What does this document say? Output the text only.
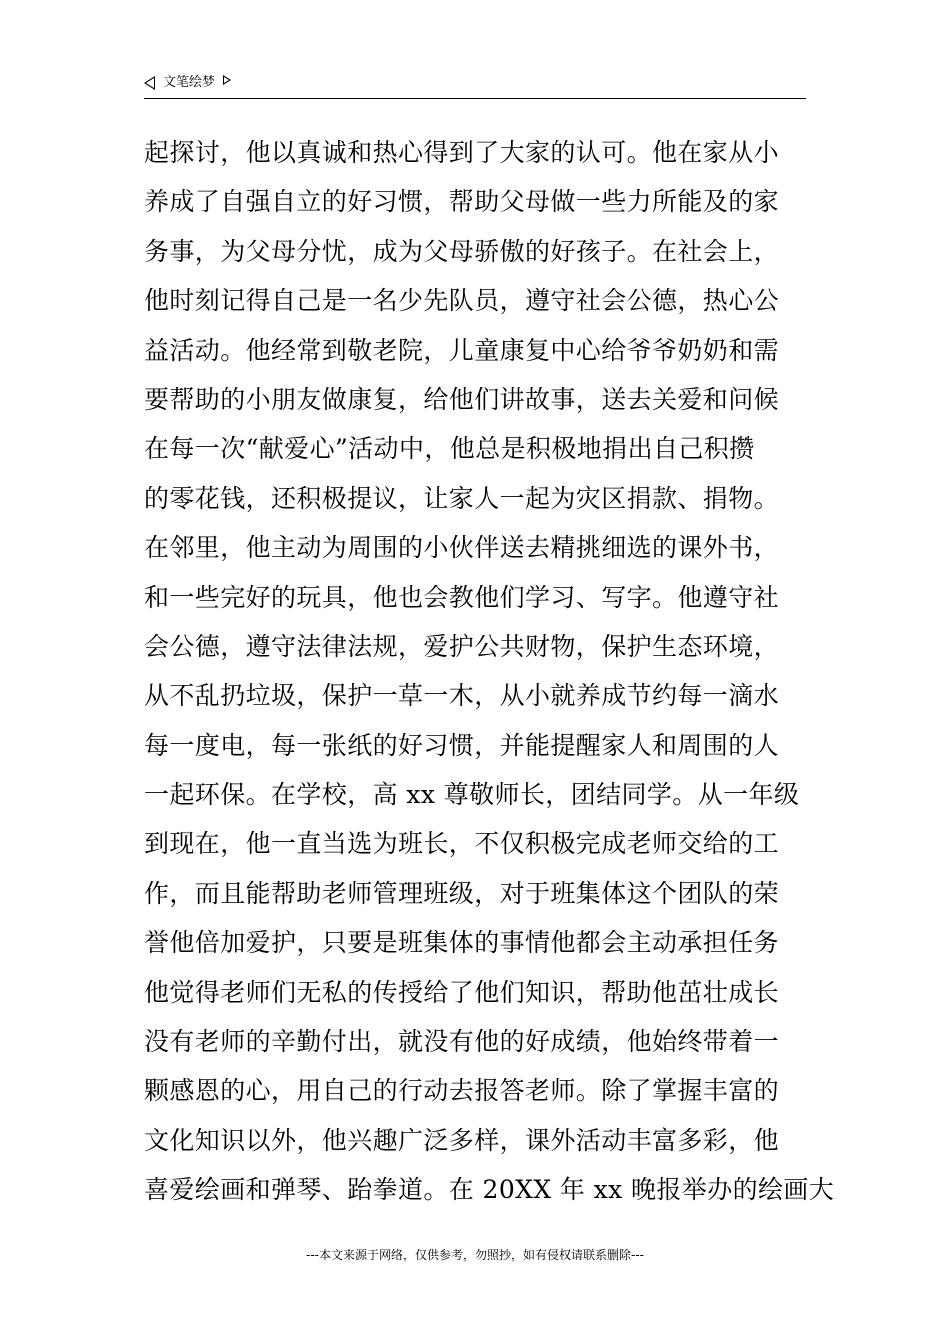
文笔绘梦
起探讨，他以真诚和热心得到了大家的认可。他在家从小
养成了自强自立的好习惯，帮助父母做一些力所能及的家
务事，为父母分忧，成为父母骄傲的好孩子。在社会上，
他时刻记得自己是一名少先队员，遵守社会公德，热心公
益活动。他经常到敬老院，儿童康复中心给爷爷奶奶和需
要帮助的小朋友做康复，给他们讲故事，送去关爱和问候
在每一次“献爱心”活动中，他总是积极地捐出自己积攒
的零花钱，还积极提议，让家人一起为灾区捐款、捐物。
在邻里，他主动为周围的小伙伴送去精挑细选的课外书，
和一些完好的玩具，他也会教他们学习、写字。他遵守社
会公德，遵守法律法规，爱护公共财物，保护生态环境，
从不乱扔垃圾，保护一草一木，从小就养成节约每一滴水
每一度电，每一张纸的好习惯，并能提醒家人和周围的人
一起环保。在学校，高 xx 尊敬师长，团结同学。从一年级
到现在，他一直当选为班长，不仅积极完成老师交给的工
作，而且能帮助老师管理班级，对于班集体这个团队的荣
誉他倍加爱护，只要是班集体的事情他都会主动承担任务
他觉得老师们无私的传授给了他们知识，帮助他茁壮成长
没有老师的辛勤付出，就没有他的好成绩，他始终带着一
颗感恩的心，用自己的行动去报答老师。除了掌握丰富的
文化知识以外，他兴趣广泛多样，课外活动丰富多彩，他
喜爱绘画和弹琴、跆拳道。在 20XX 年 xx 晚报举办的绘画大
---本文来源于网络，仅供参考，勿照抄，如有侵权请联系删除---
